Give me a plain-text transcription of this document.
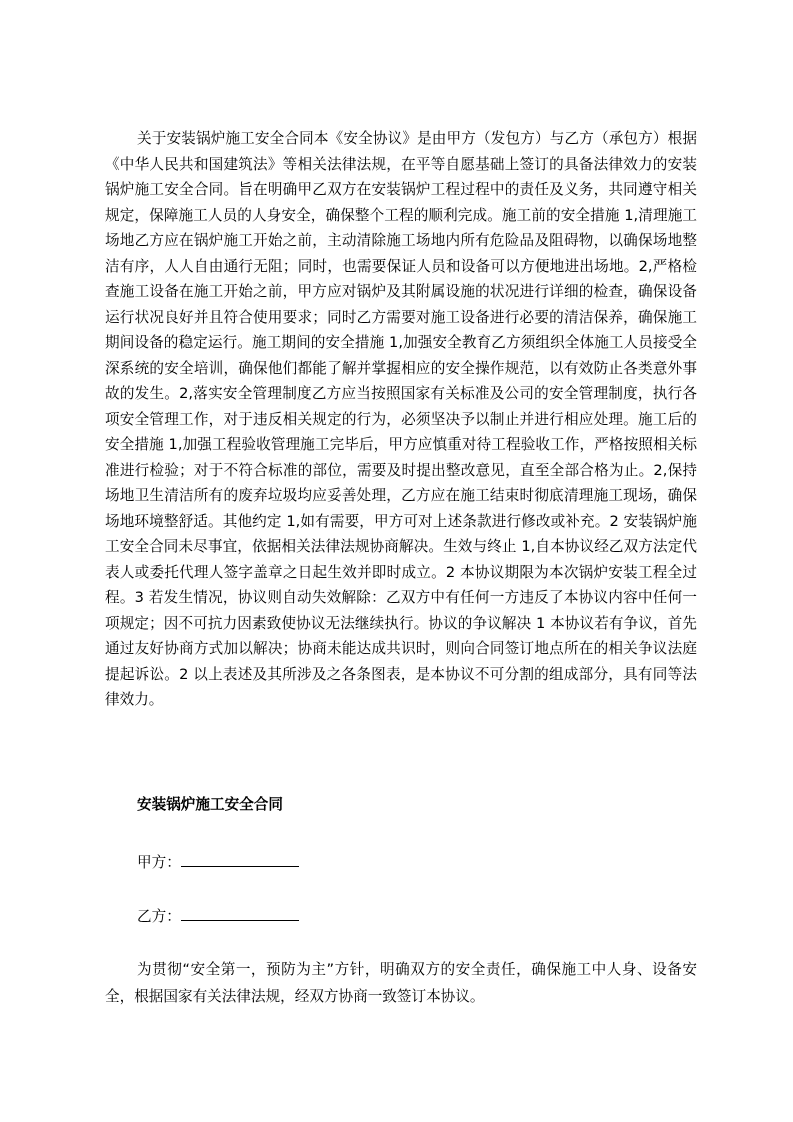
关于安装锅炉施工安全合同本《安全协议》是由甲方（发包方）与乙方（承包方）根据《中华人民共和国建筑法》等相关法律法规，在平等自愿基础上签订的具备法律效力的安装锅炉施工安全合同。旨在明确甲乙双方在安装锅炉工程过程中的责任及义务，共同遵守相关规定，保障施工人员的人身安全，确保整个工程的顺利完成。施工前的安全措施 1,清理施工场地乙方应在锅炉施工开始之前，主动清除施工场地内所有危险品及阻碍物，以确保场地整洁有序，人人自由通行无阻；同时，也需要保证人员和设备可以方便地进出场地。2,严格检查施工设备在施工开始之前，甲方应对锅炉及其附属设施的状况进行详细的检查，确保设备运行状况良好并且符合使用要求；同时乙方需要对施工设备进行必要的清洁保养，确保施工期间设备的稳定运行。施工期间的安全措施 1,加强安全教育乙方须组织全体施工人员接受全深系统的安全培训，确保他们都能了解并掌握相应的安全操作规范，以有效防止各类意外事故的发生。2,落实安全管理制度乙方应当按照国家有关标准及公司的安全管理制度，执行各项安全管理工作，对于违反相关规定的行为，必须坚决予以制止并进行相应处理。施工后的安全措施 1,加强工程验收管理施工完毕后，甲方应慎重对待工程验收工作，严格按照相关标准进行检验；对于不符合标准的部位，需要及时提出整改意见，直至全部合格为止。2,保持场地卫生清洁所有的废弃垃圾均应妥善处理，乙方应在施工结束时彻底清理施工现场，确保场地环境整舒适。其他约定 1,如有需要，甲方可对上述条款进行修改或补充。2 安装锅炉施工安全合同未尽事宜，依据相关法律法规协商解决。生效与终止 1,自本协议经乙双方法定代表人或委托代理人签字盖章之日起生效并即时成立。2 本协议期限为本次锅炉安装工程全过程。3 若发生情况，协议则自动失效解除：乙双方中有任何一方违反了本协议内容中任何一项规定；因不可抗力因素致使协议无法继续执行。协议的争议解决 1 本协议若有争议，首先通过友好协商方式加以解决；协商未能达成共识时，则向合同签订地点所在的相关争议法庭提起诉讼。2 以上表述及其所涉及之各条图表，是本协议不可分割的组成部分，具有同等法律效力。

安装锅炉施工安全合同

甲方：

乙方：

为贯彻“安全第一，预防为主”方针，明确双方的安全责任，确保施工中人身、设备安全，根据国家有关法律法规，经双方协商一致签订本协议。
